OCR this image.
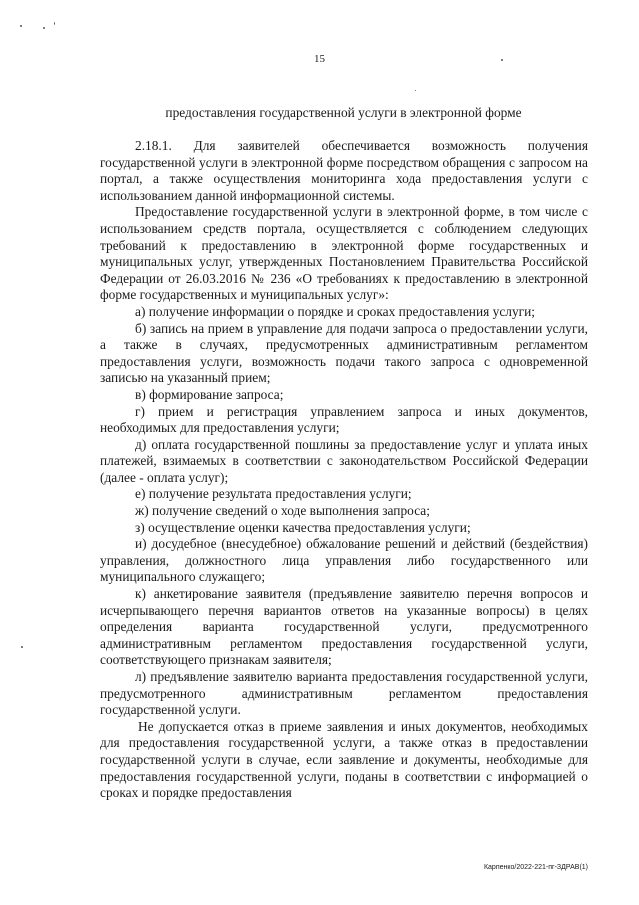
15
предоставления государственной услуги в электронной форме

2.18.1. Для заявителей обеспечивается возможность получения государственной услуги в электронной форме посредством обращения с запросом на портал, а также осуществления мониторинга хода предоставления услуги с использованием данной информационной системы.

Предоставление государственной услуги в электронной форме, в том числе с использованием средств портала, осуществляется с соблюдением следующих требований к предоставлению в электронной форме государственных и муниципальных услуг, утвержденных Постановлением Правительства Российской Федерации от 26.03.2016 № 236 «О требованиях к предоставлению в электронной форме государственных и муниципальных услуг»:

а) получение информации о порядке и сроках предоставления услуги;

б) запись на прием в управление для подачи запроса о предоставлении услуги, а также в случаях, предусмотренных административным регламентом предоставления услуги, возможность подачи такого запроса с одновременной записью на указанный прием;

в) формирование запроса;

г) прием и регистрация управлением запроса и иных документов, необходимых для предоставления услуги;

д) оплата государственной пошлины за предоставление услуг и уплата иных платежей, взимаемых в соответствии с законодательством Российской Федерации (далее - оплата услуг);

е) получение результата предоставления услуги;

ж) получение сведений о ходе выполнения запроса;

з) осуществление оценки качества предоставления услуги;

и) досудебное (внесудебное) обжалование решений и действий (бездействия) управления, должностного лица управления либо государственного или муниципального служащего;

к) анкетирование заявителя (предъявление заявителю перечня вопросов и исчерпывающего перечня вариантов ответов на указанные вопросы) в целях определения варианта государственной услуги, предусмотренного административным регламентом предоставления государственной услуги, соответствующего признакам заявителя;

л) предъявление заявителю варианта предоставления государственной услуги, предусмотренного административным регламентом предоставления государственной услуги.

Не допускается отказ в приеме заявления и иных документов, необходимых для предоставления государственной услуги, а также отказ в предоставлении государственной услуги в случае, если заявление и документы, необходимые для предоставления государственной услуги, поданы в соответствии с информацией о сроках и порядке предоставления

Карпенко/2022-221-пг-ЗДРАВ(1)
